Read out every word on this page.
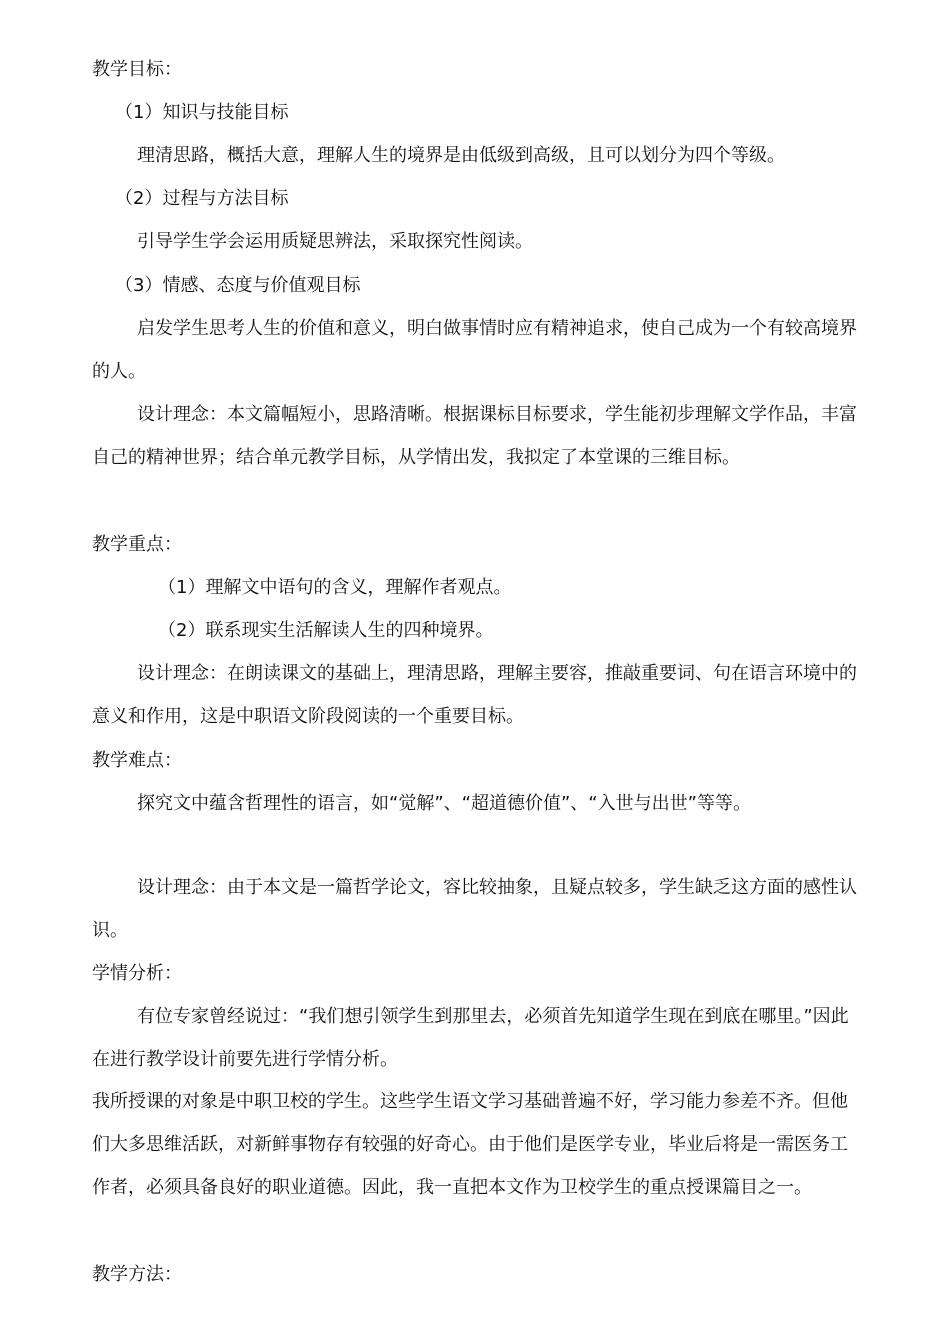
教学目标：

（1）知识与技能目标

理清思路，概括大意，理解人生的境界是由低级到高级，且可以划分为四个等级。

（2）过程与方法目标

引导学生学会运用质疑思辨法，采取探究性阅读。

（3）情感、态度与价值观目标

启发学生思考人生的价值和意义，明白做事情时应有精神追求，使自己成为一个有较高境界的人。

设计理念：本文篇幅短小，思路清晰。根据课标目标要求，学生能初步理解文学作品，丰富自己的精神世界；结合单元教学目标，从学情出发，我拟定了本堂课的三维目标。

教学重点：

（1）理解文中语句的含义，理解作者观点。

（2）联系现实生活解读人生的四种境界。

设计理念：在朗读课文的基础上，理清思路，理解主要容，推敲重要词、句在语言环境中的意义和作用，这是中职语文阶段阅读的一个重要目标。

教学难点：

探究文中蕴含哲理性的语言，如“觉解”、“超道德价值”、“入世与出世”等等。

设计理念：由于本文是一篇哲学论文，容比较抽象，且疑点较多，学生缺乏这方面的感性认识。

学情分析：

有位专家曾经说过：“我们想引领学生到那里去，必须首先知道学生现在到底在哪里。”因此在进行教学设计前要先进行学情分析。

我所授课的对象是中职卫校的学生。这些学生语文学习基础普遍不好，学习能力参差不齐。但他们大多思维活跃，对新鲜事物存有较强的好奇心。由于他们是医学专业，毕业后将是一需医务工作者，必须具备良好的职业道德。因此，我一直把本文作为卫校学生的重点授课篇目之一。

教学方法：
